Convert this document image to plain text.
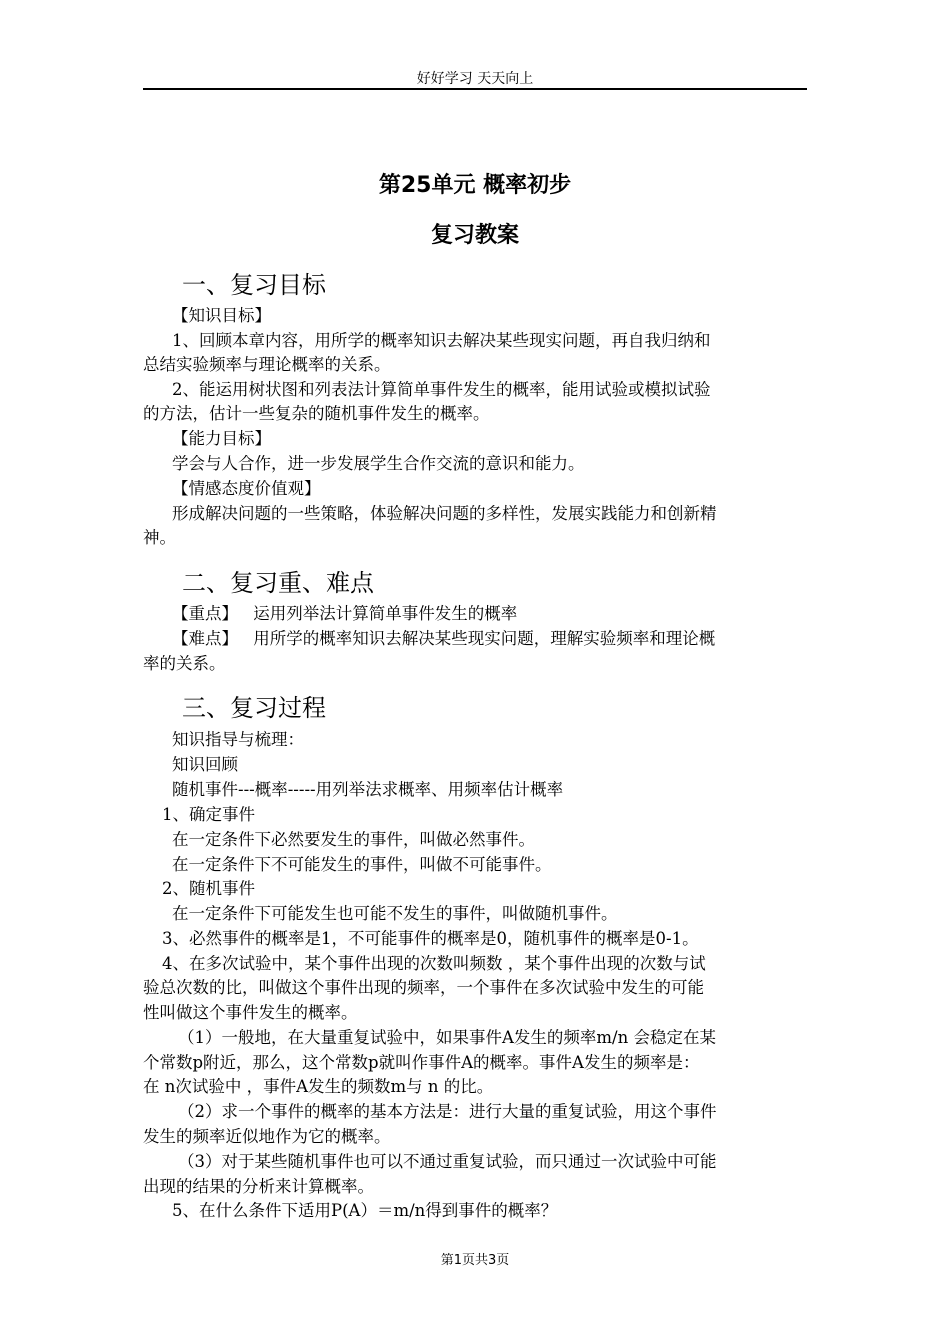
好好学习 天天向上
第25单元 概率初步
复习教案
一、复习目标
【知识目标】
1、回顾本章内容，用所学的概率知识去解决某些现实问题，再自我归纳和
总结实验频率与理论概率的关系。
2、能运用树状图和列表法计算简单事件发生的概率，能用试验或模拟试验
的方法，估计一些复杂的随机事件发生的概率。
【能力目标】
学会与人合作，进一步发展学生合作交流的意识和能力。
【情感态度价值观】
形成解决问题的一些策略，体验解决问题的多样性，发展实践能力和创新精
神。
二、复习重、难点
【重点】 运用列举法计算简单事件发生的概率
【难点】 用所学的概率知识去解决某些现实问题，理解实验频率和理论概
率的关系。
三、复习过程
知识指导与梳理：
知识回顾
随机事件---概率-----用列举法求概率、用频率估计概率
1、确定事件
在一定条件下必然要发生的事件，叫做必然事件。
在一定条件下不可能发生的事件，叫做不可能事件。
2、随机事件
在一定条件下可能发生也可能不发生的事件，叫做随机事件。
3、必然事件的概率是1，不可能事件的概率是0，随机事件的概率是0-1。
4、在多次试验中，某个事件出现的次数叫频数 ，某个事件出现的次数与试
验总次数的比，叫做这个事件出现的频率，一个事件在多次试验中发生的可能
性叫做这个事件发生的概率。
（1）一般地，在大量重复试验中，如果事件A发生的频率m/n 会稳定在某
个常数p附近，那么，这个常数p就叫作事件A的概率。事件A发生的频率是：
在 n次试验中 ，事件A发生的频数m与 n 的比。
（2）求一个事件的概率的基本方法是：进行大量的重复试验，用这个事件
发生的频率近似地作为它的概率。
（3）对于某些随机事件也可以不通过重复试验，而只通过一次试验中可能
出现的结果的分析来计算概率。
5、在什么条件下适用P(A）＝m/n得到事件的概率？
第1页共3页
